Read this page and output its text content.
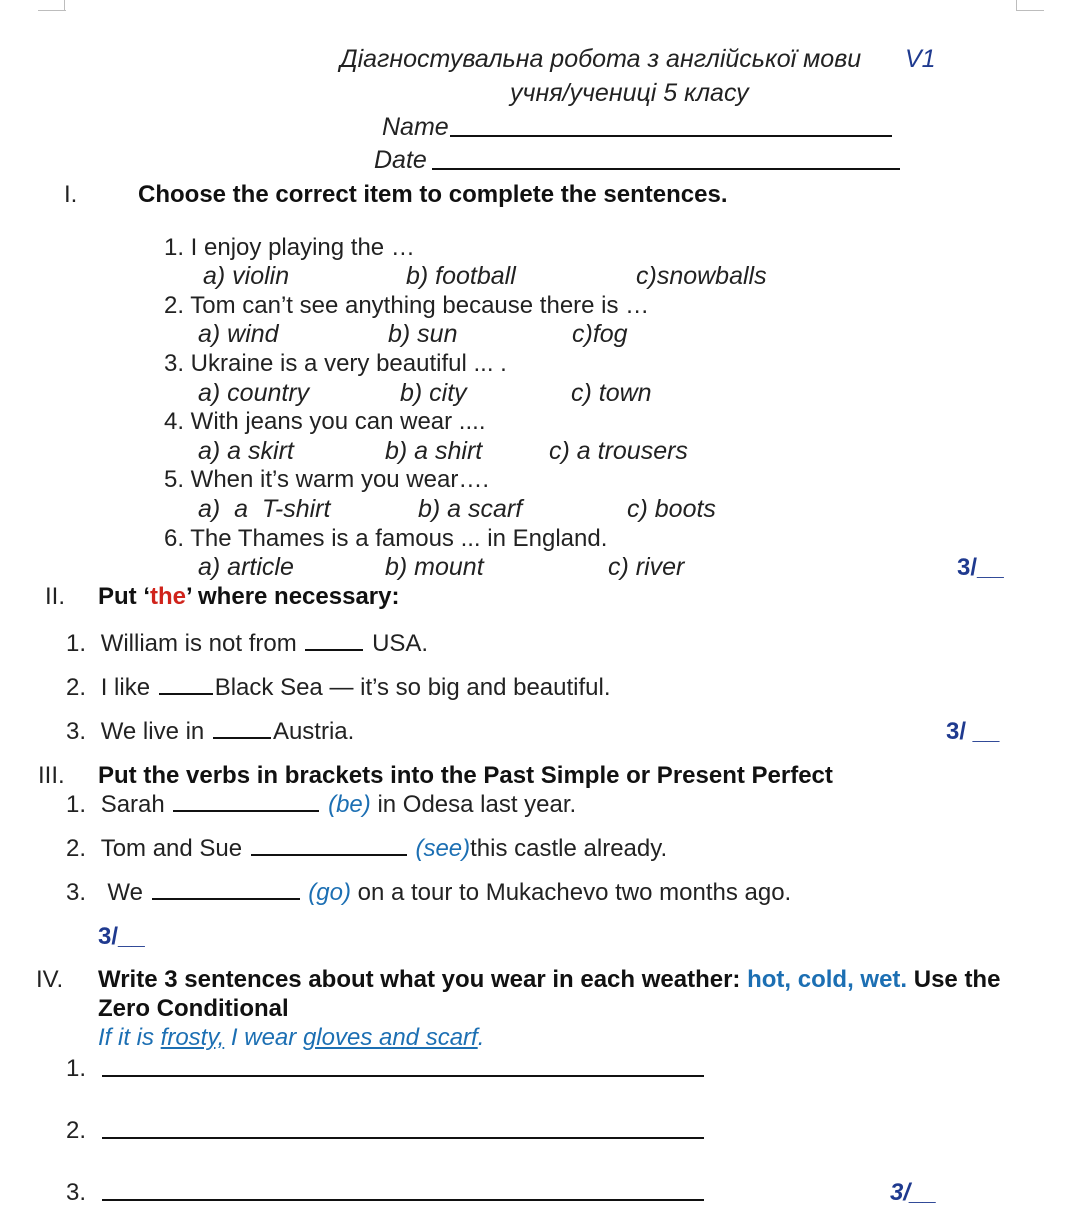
Діагностувальна робота з англійської мови V1
учня/учениці 5 класу
Name
Date
I.	Choose the correct item to complete the sentences.
1. I enjoy playing the …
a) violin	b) football	c)snowballs
2. Tom can’t see anything because there is …
a) wind	b) sun	c)fog
3. Ukraine is a very beautiful ... .
a) country	b) city	c) town
4. With jeans you can wear ....
a) a skirt	b) a shirt	c) a trousers
5. When it’s warm you wear….
a)  a  T-shirt	b) a scarf	c) boots
6. The Thames is a famous ... in England.
a) article	b) mount	c) river	3/__
II. Put ‘the’ where necessary:
1. William is not from	USA.
2. I like	Black Sea — it’s so big and beautiful.
3. We live in	Austria.	3/ __
III. Put the verbs in brackets into the Past Simple or Present Perfect
1. Sarah	(be) in Odesa last year.
2. Tom and Sue	(see)this castle already.
3.  We	(go) on a tour to Mukachevo two months ago.
3/__
IV. Write 3 sentences about what you wear in each weather: hot, cold, wet. Use the
Zero Conditional
If it is frosty, I wear gloves and scarf.
1.
2.
3.	3/__
